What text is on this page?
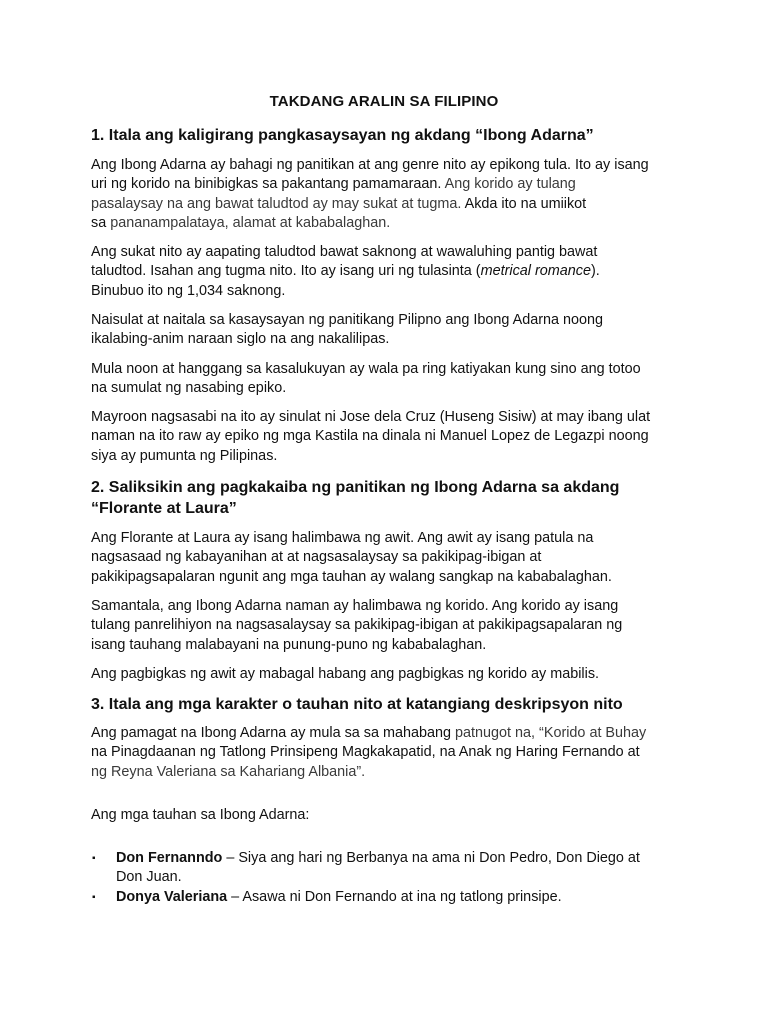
TAKDANG ARALIN SA FILIPINO
1. Itala ang kaligirang pangkasaysayan ng akdang “Ibong Adarna”

Ang Ibong Adarna ay bahagi ng panitikan at ang genre nito ay epikong tula. Ito ay isang

uri ng korido na binibigkas sa pakantang pamamaraan. Ang korido ay tulang

pasalaysay na ang bawat taludtod ay may sukat at tugma. Akda ito na umiikot

sa pananampalataya, alamat at kababalaghan.

Ang sukat nito ay aapating taludtod bawat saknong at wawaluhing pantig bawat

taludtod. Isahan ang tugma nito. Ito ay isang uri ng tulasinta (metrical romance).

Binubuo ito ng 1,034 saknong.

Naisulat at naitala sa kasaysayan ng panitikang Pilipno ang Ibong Adarna noong

ikalabing-anim naraan siglo na ang nakalilipas.

Mula noon at hanggang sa kasalukuyan ay wala pa ring katiyakan kung sino ang totoo

na sumulat ng nasabing epiko.

Mayroon nagsasabi na ito ay sinulat ni Jose dela Cruz (Huseng Sisiw) at may ibang ulat

naman na ito raw ay epiko ng mga Kastila na dinala ni Manuel Lopez de Legazpi noong

siya ay pumunta ng Pilipinas.

2. Saliksikin ang pagkakaiba ng panitikan ng Ibong Adarna sa akdang
“Florante at Laura”

Ang Florante at Laura ay isang halimbawa ng awit. Ang awit ay isang patula na

nagsasaad ng kabayanihan at at nagsasalaysay sa pakikipag-ibigan at

pakikipagsapalaran ngunit ang mga tauhan ay walang sangkap na kababalaghan.

Samantala, ang Ibong Adarna naman ay halimbawa ng korido. Ang korido ay isang

tulang panrelihiyon na nagsasalaysay sa pakikipag-ibigan at pakikipagsapalaran ng

isang tauhang malabayani na punung-puno ng kababalaghan.

Ang pagbigkas ng awit ay mabagal habang ang pagbigkas ng korido ay mabilis.

3. Itala ang mga karakter o tauhan nito at katangiang deskripsyon nito

Ang pamagat na Ibong Adarna ay mula sa sa mahabang patnugot na, “Korido at Buhay

na Pinagdaanan ng Tatlong Prinsipeng Magkakapatid, na Anak ng Haring Fernando at

ng Reyna Valeriana sa Kahariang Albania”.

Ang mga tauhan sa Ibong Adarna:

▪ Don Fernanndo – Siya ang hari ng Berbanya na ama ni Don Pedro, Don Diego at
Don Juan.
▪ Donya Valeriana – Asawa ni Don Fernando at ina ng tatlong prinsipe.
